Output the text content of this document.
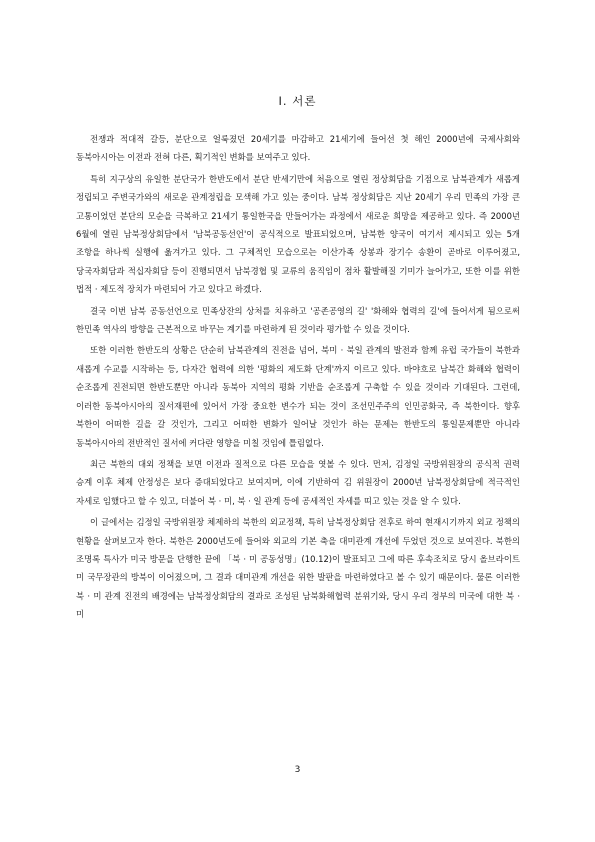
Ⅰ. 서론

전쟁과 적대적 갈등, 분단으로 얼룩졌던 20세기를 마감하고 21세기에 들어선 첫 해인 2000년에 국제사회와 동북아시아는 이전과 전혀 다른, 획기적인 변화를 보여주고 있다.

특히 지구상의 유일한 분단국가 한반도에서 분단 반세기만에 처음으로 열린 정상회담을 기점으로 남북관계가 새롭게 정립되고 주변국가와의 새로운 관계정립을 모색해 가고 있는 중이다. 남북 정상회담은 지난 20세기 우리 민족의 가장 큰 고통이었던 분단의 모순을 극복하고 21세기 통일한국을 만들어가는 과정에서 새로운 희망을 제공하고 있다. 즉 2000년 6월에 열린 남북정상회담에서 '남북공동선언'이 공식적으로 발표되었으며, 남북한 양국이 여기서 제시되고 있는 5개 조항을 하나씩 실행에 옮겨가고 있다. 그 구체적인 모습으로는 이산가족 상봉과 장기수 송환이 곧바로 이루어졌고, 당국자회담과 적십자회담 등이 진행되면서 남북경협 및 교류의 움직임이 점차 활발해질 기미가 늘어가고, 또한 이를 위한 법적 · 제도적 장치가 마련되어 가고 있다고 하겠다.

결국 이번 남북 공동선언으로 민족상잔의 상처를 치유하고 '공존공영의 길' '화해와 협력의 길'에 들어서게 됨으로써 한민족 역사의 방향을 근본적으로 바꾸는 계기를 마련하게 된 것이라 평가할 수 있을 것이다.

또한 이러한 한반도의 상황은 단순히 남북관계의 진전을 넘어, 북미 · 북일 관계의 발전과 함께 유럽 국가들이 북한과 새롭게 수교를 시작하는 등, 다자간 협력에 의한 '평화의 제도화 단계'까지 이르고 있다. 바야흐로 남북간 화해와 협력이 순조롭게 진전되면 한반도뿐만 아니라 동북아 지역의 평화 기반을 순조롭게 구축할 수 있을 것이라 기대된다. 그런데, 이러한 동북아시아의 질서재편에 있어서 가장 중요한 변수가 되는 것이 조선민주주의 인민공화국, 즉 북한이다. 향후 북한이 어떠한 길을 갈 것인가, 그리고 어떠한 변화가 일어날 것인가 하는 문제는 한반도의 통일문제뿐만 아니라 동북아시아의 전반적인 질서에 커다란 영향을 미칠 것임에 틀림없다.

최근 북한의 대외 정책을 보면 이전과 질적으로 다른 모습을 엿볼 수 있다. 먼저, 김정일 국방위원장의 공식적 권력 승계 이후 체제 안정성은 보다 증대되었다고 보여지며, 이에 기반하여 김 위원장이 2000년 남북정상회담에 적극적인 자세로 임했다고 할 수 있고, 더불어 북 · 미, 북 · 일 관계 등에 공세적인 자세를 띠고 있는 것을 알 수 있다.

이 글에서는 김정일 국방위원장 체제하의 북한의 외교정책, 특히 남북정상회담 전후로 하여 현재시기까지 외교 정책의 현황을 살펴보고자 한다. 북한은 2000년도에 들어와 외교의 기본 축을 대미관계 개선에 두었던 것으로 보여진다. 북한의 조명록 특사가 미국 방문을 단행한 끝에 「북 · 미 공동성명」(10.12)이 발표되고 그에 따른 후속조치로 당시 올브라이트 미 국무장관의 방북이 이어졌으며, 그 결과 대미관계 개선을 위한 발판을 마련하였다고 볼 수 있기 때문이다. 물론 이러한 북 · 미 관계 진전의 배경에는 남북정상회담의 결과로 조성된 남북화해협력 분위기와, 당시 우리 정부의 미국에 대한 북 · 미

3
